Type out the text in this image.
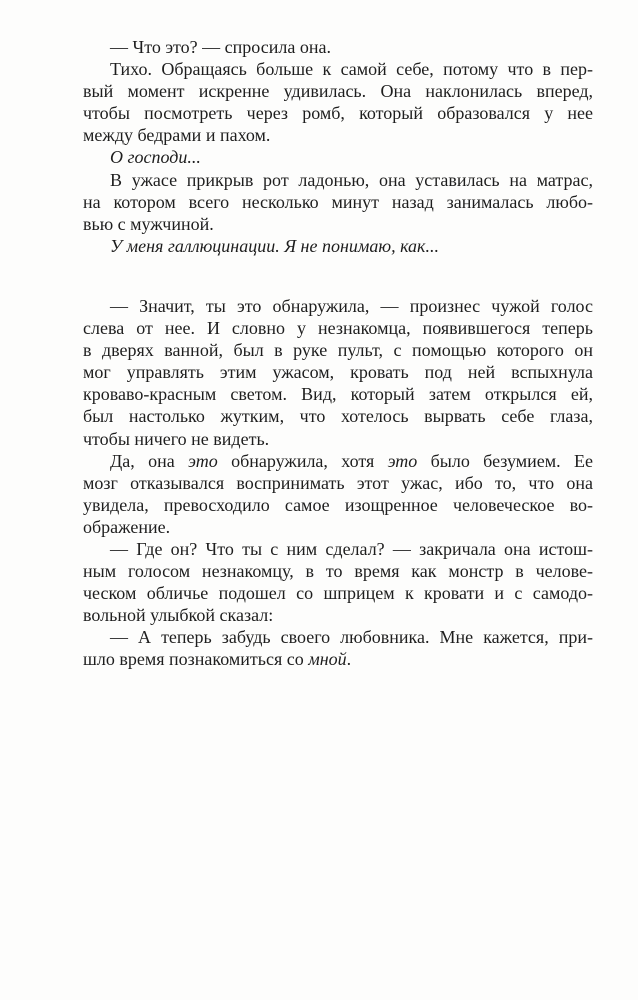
— Что это? — спросила она.
Тихо. Обращаясь больше к самой себе, потому что в пер-
вый момент искренне удивилась. Она наклонилась вперед,
чтобы посмотреть через ромб, который образовался у нее
между бедрами и пахом.
О господи...
В ужасе прикрыв рот ладонью, она уставилась на матрас,
на котором всего несколько минут назад занималась любо-
вью с мужчиной.
У меня галлюцинации. Я не понимаю, как...
— Значит, ты это обнаружила, — произнес чужой голос
слева от нее. И словно у незнакомца, появившегося теперь
в дверях ванной, был в руке пульт, с помощью которого он
мог управлять этим ужасом, кровать под ней вспыхнула
кроваво-красным светом. Вид, который затем открылся ей,
был настолько жутким, что хотелось вырвать себе глаза,
чтобы ничего не видеть.
Да, она это обнаружила, хотя это было безумием. Ее
мозг отказывался воспринимать этот ужас, ибо то, что она
увидела, превосходило самое изощренное человеческое во-
ображение.
— Где он? Что ты с ним сделал? — закричала она истош-
ным голосом незнакомцу, в то время как монстр в челове-
ческом обличье подошел со шприцем к кровати и с самодо-
вольной улыбкой сказал:
— А теперь забудь своего любовника. Мне кажется, при-
шло время познакомиться со мной.
